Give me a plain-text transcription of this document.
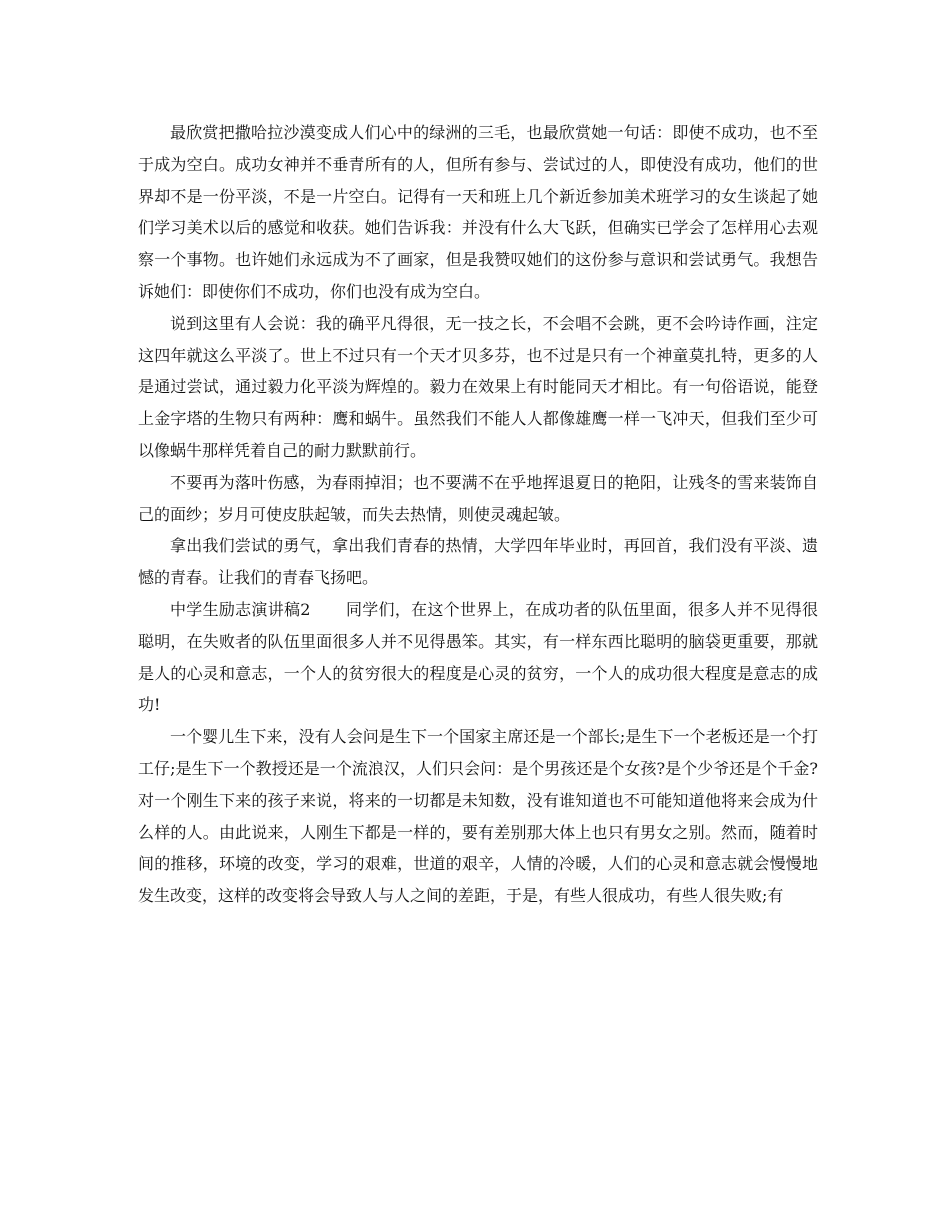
最欣赏把撒哈拉沙漠变成人们心中的绿洲的三毛，也最欣赏她一句话：即使不成功，也不至于成为空白。成功女神并不垂青所有的人，但所有参与、尝试过的人，即使没有成功，他们的世界却不是一份平淡，不是一片空白。记得有一天和班上几个新近参加美术班学习的女生谈起了她们学习美术以后的感觉和收获。她们告诉我：并没有什么大飞跃，但确实已学会了怎样用心去观察一个事物。也许她们永远成为不了画家，但是我赞叹她们的这份参与意识和尝试勇气。我想告诉她们：即使你们不成功，你们也没有成为空白。

说到这里有人会说：我的确平凡得很，无一技之长，不会唱不会跳，更不会吟诗作画，注定这四年就这么平淡了。世上不过只有一个天才贝多芬，也不过是只有一个神童莫扎特，更多的人是通过尝试，通过毅力化平淡为辉煌的。毅力在效果上有时能同天才相比。有一句俗语说，能登上金字塔的生物只有两种：鹰和蜗牛。虽然我们不能人人都像雄鹰一样一飞冲天，但我们至少可以像蜗牛那样凭着自己的耐力默默前行。

不要再为落叶伤感，为春雨掉泪；也不要满不在乎地挥退夏日的艳阳，让残冬的雪来装饰自己的面纱；岁月可使皮肤起皱，而失去热情，则使灵魂起皱。

拿出我们尝试的勇气，拿出我们青春的热情，大学四年毕业时，再回首，我们没有平淡、遗憾的青春。让我们的青春飞扬吧。

中学生励志演讲稿2 同学们，在这个世界上，在成功者的队伍里面，很多人并不见得很聪明，在失败者的队伍里面很多人并不见得愚笨。其实，有一样东西比聪明的脑袋更重要，那就是人的心灵和意志，一个人的贫穷很大的程度是心灵的贫穷，一个人的成功很大程度是意志的成功!

一个婴儿生下来，没有人会问是生下一个国家主席还是一个部长;是生下一个老板还是一个打工仔;是生下一个教授还是一个流浪汉，人们只会问：是个男孩还是个女孩?是个少爷还是个千金?对一个刚生下来的孩子来说，将来的一切都是未知数，没有谁知道也不可能知道他将来会成为什么样的人。由此说来，人刚生下都是一样的，要有差别那大体上也只有男女之别。然而，随着时间的推移，环境的改变，学习的艰难，世道的艰辛，人情的冷暖，人们的心灵和意志就会慢慢地发生改变，这样的改变将会导致人与人之间的差距，于是，有些人很成功，有些人很失败;有
